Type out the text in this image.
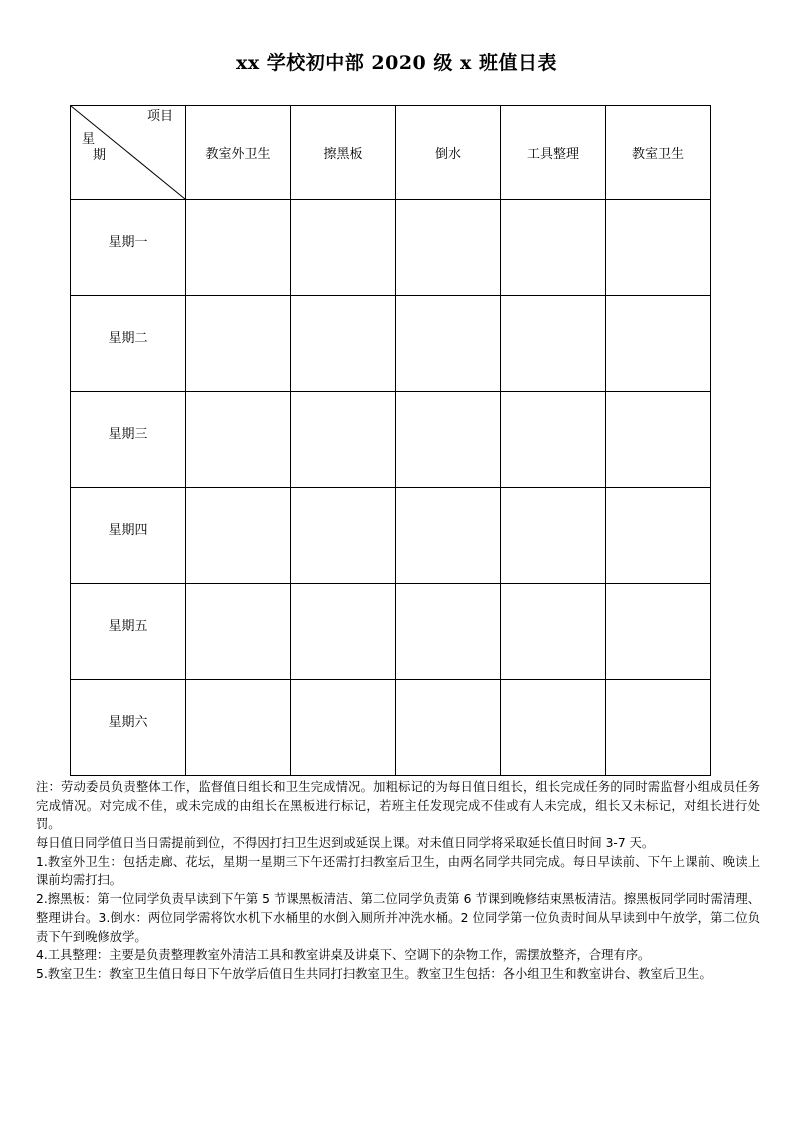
xx 学校初中部 2020 级 x 班值日表
项目
星
期	教室外卫生	擦黑板	倒水	工具整理	教室卫生

星期一					

星期二					

星期三					

星期四					

星期五					

星期六					

注：劳动委员负责整体工作，监督值日组长和卫生完成情况。加粗标记的为每日值日组长，组长完成任务的同时需监督小组成员任务完成情况。对完成不佳，或未完成的由组长在黑板进行标记，若班主任发现完成不佳或有人未完成，组长又未标记，对组长进行处罚。

每日值日同学值日当日需提前到位，不得因打扫卫生迟到或延误上课。对未值日同学将采取延长值日时间 3-7 天。

1.教室外卫生：包括走廊、花坛，星期一星期三下午还需打扫教室后卫生，由两名同学共同完成。每日早读前、下午上课前、晚读上课前均需打扫。

2.擦黑板：第一位同学负责早读到下午第 5 节课黑板清洁、第二位同学负责第 6 节课到晚修结束黑板清洁。擦黑板同学同时需清理、整理讲台。3.倒水：两位同学需将饮水机下水桶里的水倒入厕所并冲洗水桶。2 位同学第一位负责时间从早读到中午放学，第二位负责下午到晚修放学。

4.工具整理：主要是负责整理教室外清洁工具和教室讲桌及讲桌下、空调下的杂物工作，需摆放整齐，合理有序。

5.教室卫生：教室卫生值日每日下午放学后值日生共同打扫教室卫生。教室卫生包括：各小组卫生和教室讲台、教室后卫生。
